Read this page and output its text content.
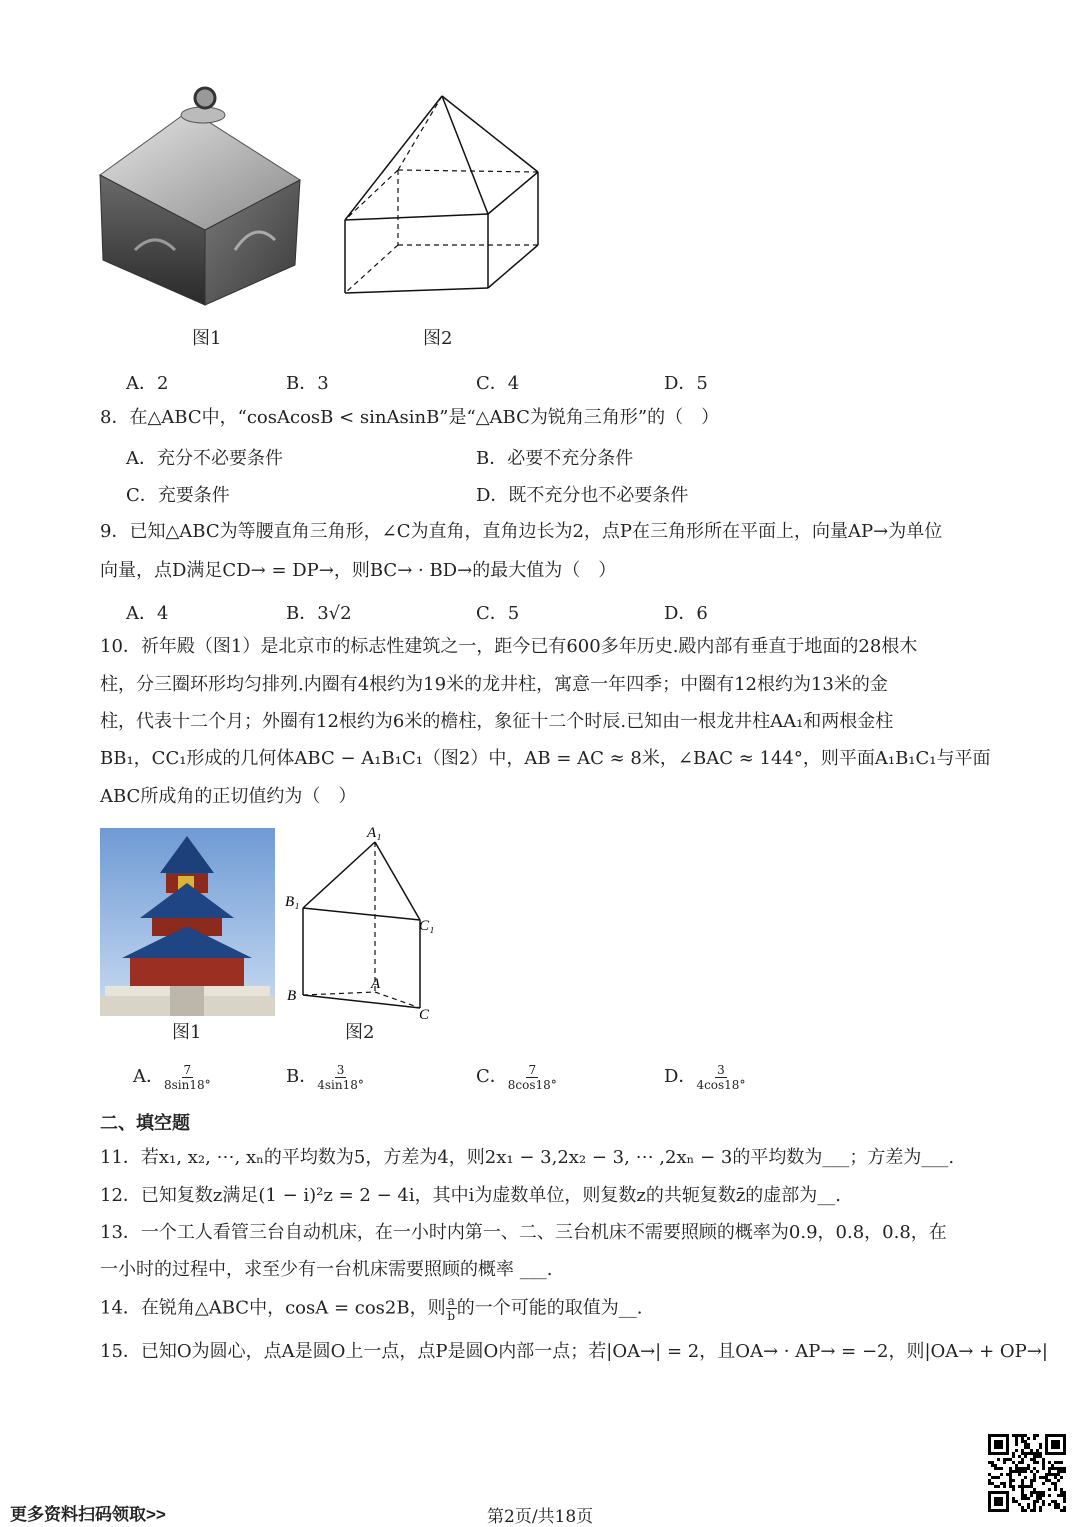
图1	图2
A．2	B．3	C．4	D．5
8．在△ABC中，“cosAcosB < sinAsinB”是“△ABC为锐角三角形”的（　）
A．充分不必要条件	B．必要不充分条件
C．充要条件	D．既不充分也不必要条件
9．已知△ABC为等腰直角三角形，∠C为直角，直角边长为2，点P在三角形所在平面上，向量AP→为单位
向量，点D满足CD→ = DP→，则BC→ · BD→的最大值为（　）
A．4	B．3√2	C．5	D．6
10．祈年殿（图1）是北京市的标志性建筑之一，距今已有600多年历史.殿内部有垂直于地面的28根木
柱，分三圈环形均匀排列.内圈有4根约为19米的龙井柱，寓意一年四季；中圈有12根约为13米的金
柱，代表十二个月；外圈有12根约为6米的檐柱，象征十二个时辰.已知由一根龙井柱AA₁和两根金柱
BB₁，CC₁形成的几何体ABC − A₁B₁C₁（图2）中，AB = AC ≈ 8米，∠BAC ≈ 144°，则平面A₁B₁C₁与平面
ABC所成角的正切值约为（　）
A₁
B₁
C₁
A
B
C
图1	图2
A． $\frac{7}{8\sin 18^\circ}$	B． $\frac{3}{4\sin 18^\circ}$	C． $\frac{7}{8\cos 18^\circ}$	D． $\frac{3}{4\cos 18^\circ}$
二、填空题
11．若x₁, x₂, ⋯, xₙ的平均数为5，方差为4，则2x₁ − 3,2x₂ − 3, ⋯ ,2xₙ − 3的平均数为___；方差为___.
12．已知复数z满足(1 − i)²z = 2 − 4i，其中i为虚数单位，则复数z的共轭复数z̄的虚部为__.
13．一个工人看管三台自动机床，在一小时内第一、二、三台机床不需要照顾的概率为0.9，0.8，0.8，在
一小时的过程中，求至少有一台机床需要照顾的概率 ___.
14．在锐角△ABC中，cosA = cos2B，则 $\frac{a}{b}$ 的一个可能的取值为__.
15．已知O为圆心，点A是圆O上一点，点P是圆O内部一点；若|OA→| = 2，且OA→ · AP→ = −2，则|OA→ + OP→|
更多资料扫码领取>>	第2页/共18页
